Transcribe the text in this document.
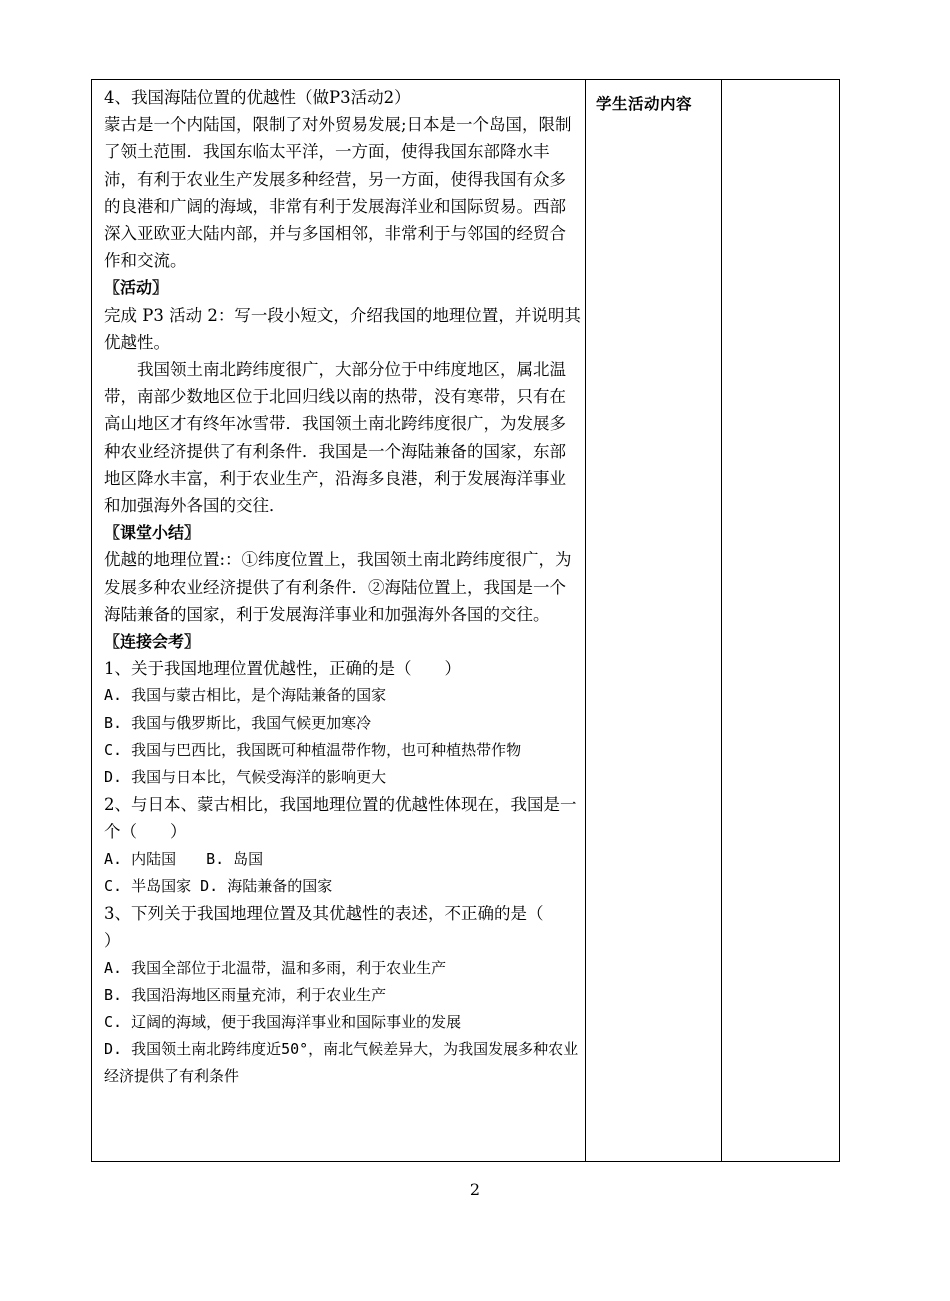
4、我国海陆位置的优越性（做P3活动2）

蒙古是一个内陆国，限制了对外贸易发展;日本是一个岛国，限制了领土范围．我国东临太平洋，一方面，使得我国东部降水丰沛，有利于农业生产发展多种经营，另一方面，使得我国有众多的良港和广阔的海域，非常有利于发展海洋业和国际贸易。西部深入亚欧亚大陆内部，并与多国相邻，非常利于与邻国的经贸合作和交流。

〖活动〗

完成 P3 活动 2：写一段小短文，介绍我国的地理位置，并说明其优越性。

我国领土南北跨纬度很广，大部分位于中纬度地区，属北温带，南部少数地区位于北回归线以南的热带，没有寒带，只有在高山地区才有终年冰雪带．我国领土南北跨纬度很广，为发展多种农业经济提供了有利条件．我国是一个海陆兼备的国家，东部地区降水丰富，利于农业生产，沿海多良港，利于发展海洋事业和加强海外各国的交往．

〖课堂小结〗

优越的地理位置:：①纬度位置上，我国领土南北跨纬度很广，为发展多种农业经济提供了有利条件．②海陆位置上，我国是一个海陆兼备的国家，利于发展海洋事业和加强海外各国的交往。

〖连接会考〗

1、关于我国地理位置优越性，正确的是（　　）

A. 我国与蒙古相比，是个海陆兼备的国家

B. 我国与俄罗斯比，我国气候更加寒冷

C. 我国与巴西比，我国既可种植温带作物，也可种植热带作物

D. 我国与日本比，气候受海洋的影响更大

2、与日本、蒙古相比，我国地理位置的优越性体现在，我国是一个（　　）

A. 内陆国　　B. 岛国

C. 半岛国家 D. 海陆兼备的国家

3、下列关于我国地理位置及其优越性的表述，不正确的是（　　）

A. 我国全部位于北温带，温和多雨，利于农业生产

B. 我国沿海地区雨量充沛，利于农业生产

C. 辽阔的海域，便于我国海洋事业和国际事业的发展

D. 我国领土南北跨纬度近50°，南北气候差异大，为我国发展多种农业经济提供了有利条件

学生活动内容
2
